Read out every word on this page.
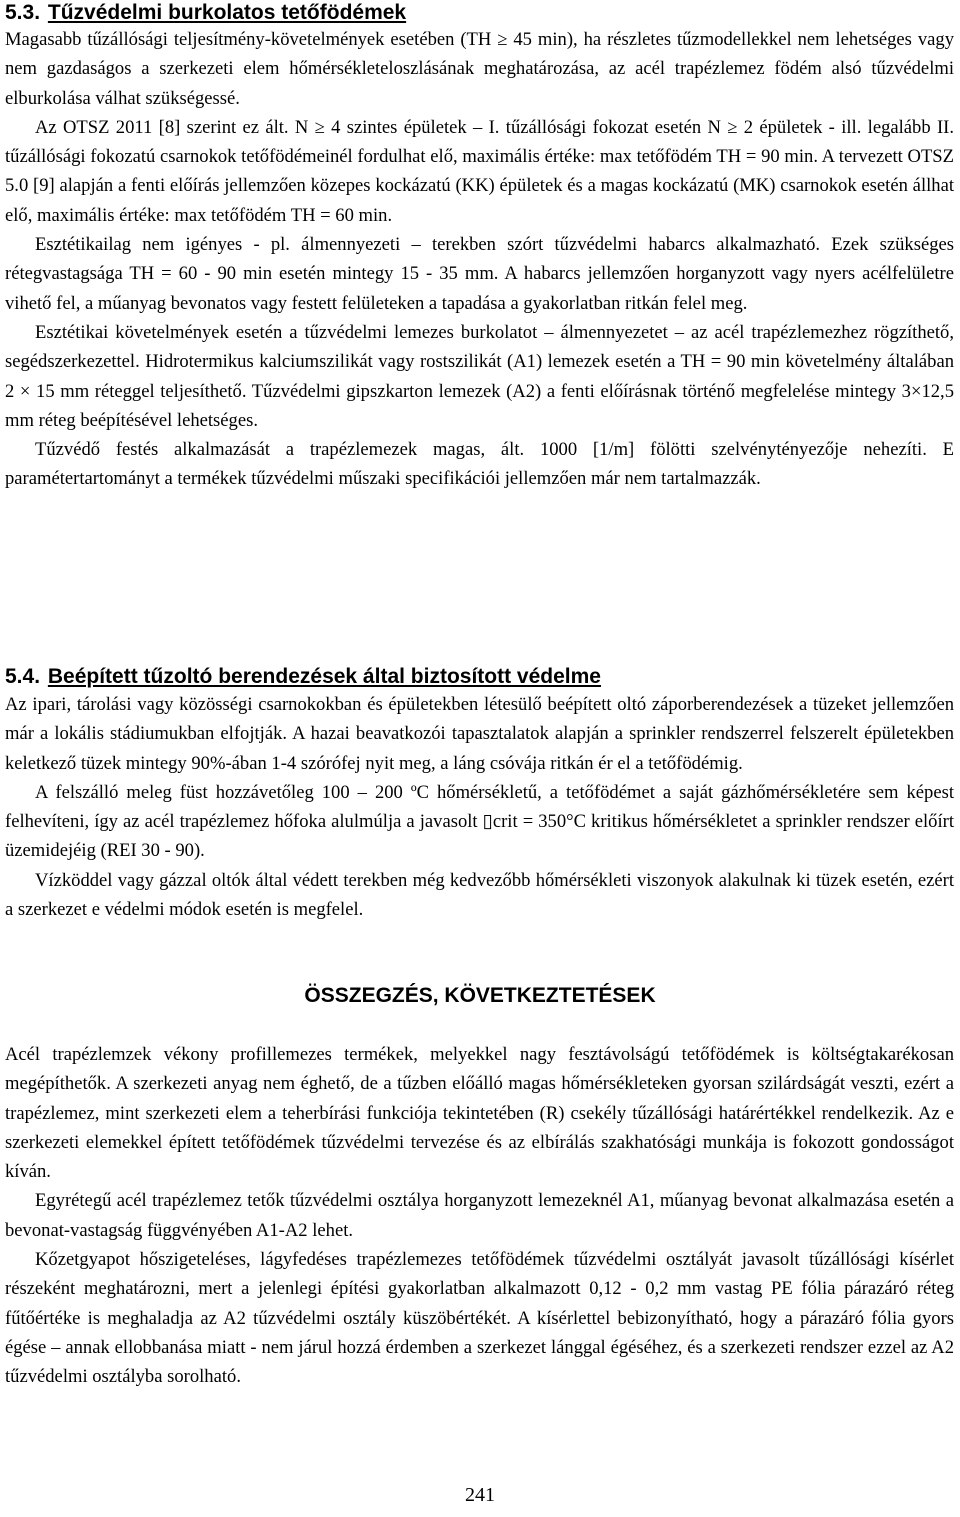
5.3. Tűzvédelmi burkolatos tetőfödémek

Magasabb tűzállósági teljesítmény-követelmények esetében (TH ≥ 45 min), ha részletes tűzmodellekkel nem lehetséges vagy nem gazdaságos a szerkezeti elem hőmérsékleteloszlásának meghatározása, az acél trapézlemez födém alsó tűzvédelmi elburkolása válhat szükségessé.

Az OTSZ 2011 [8] szerint ez ált. N ≥ 4 szintes épületek – I. tűzállósági fokozat esetén N ≥ 2 épületek - ill. legalább II. tűzállósági fokozatú csarnokok tetőfödémeinél fordulhat elő, maximális értéke: max tetőfödém TH = 90 min. A tervezett OTSZ 5.0 [9] alapján a fenti előírás jellemzően közepes kockázatú (KK) épületek és a magas kockázatú (MK) csarnokok esetén állhat elő, maximális értéke: max tetőfödém TH = 60 min.

Esztétikailag nem igényes - pl. álmennyezeti – terekben szórt tűzvédelmi habarcs alkalmazható. Ezek szükséges rétegvastagsága TH = 60 - 90 min esetén mintegy 15 - 35 mm. A habarcs jellemzően horganyzott vagy nyers acélfelületre vihető fel, a műanyag bevonatos vagy festett felületeken a tapadása a gyakorlatban ritkán felel meg.

Esztétikai követelmények esetén a tűzvédelmi lemezes burkolatot – álmennyezetet – az acél trapézlemezhez rögzíthető, segédszerkezettel. Hidrotermikus kalciumszilikát vagy rostszilikát (A1) lemezek esetén a TH = 90 min követelmény általában 2 × 15 mm réteggel teljesíthető. Tűzvédelmi gipszkarton lemezek (A2) a fenti előírásnak történő megfelelése mintegy 3×12,5 mm réteg beépítésével lehetséges.

Tűzvédő festés alkalmazását a trapézlemezek magas, ált. 1000 [1/m] fölötti szelvénytényezője nehezíti. E paramétertartományt a termékek tűzvédelmi műszaki specifikációi jellemzően már nem tartalmazzák.

5.4. Beépített tűzoltó berendezések által biztosított védelme

Az ipari, tárolási vagy közösségi csarnokokban és épületekben létesülő beépített oltó záporberendezések a tüzeket jellemzően már a lokális stádiumukban elfojtják. A hazai beavatkozói tapasztalatok alapján a sprinkler rendszerrel felszerelt épületekben keletkező tüzek mintegy 90%-ában 1-4 szórófej nyit meg, a láng csóvája ritkán ér el a tetőfödémig.

A felszálló meleg füst hozzávetőleg 100 – 200 ºC hőmérsékletű, a tetőfödémet a saját gázhőmérsékletére sem képest felhevíteni, így az acél trapézlemez hőfoka alulmúlja a javasolt ▯crit = 350°C kritikus hőmérsékletet a sprinkler rendszer előírt üzemidejéig (REI 30 - 90).

Vízköddel vagy gázzal oltók által védett terekben még kedvezőbb hőmérsékleti viszonyok alakulnak ki tüzek esetén, ezért a szerkezet e védelmi módok esetén is megfelel.

ÖSSZEGZÉS, KÖVETKEZTETÉSEK

Acél trapézlemzek vékony profillemezes termékek, melyekkel nagy fesztávolságú tetőfödémek is költségtakarékosan megépíthetők. A szerkezeti anyag nem éghető, de a tűzben előálló magas hőmérsékleteken gyorsan szilárdságát veszti, ezért a trapézlemez, mint szerkezeti elem a teherbírási funkciója tekintetében (R) csekély tűzállósági határértékkel rendelkezik. Az e szerkezeti elemekkel épített tetőfödémek tűzvédelmi tervezése és az elbírálás szakhatósági munkája is fokozott gondosságot kíván.

Egyrétegű acél trapézlemez tetők tűzvédelmi osztálya horganyzott lemezeknél A1, műanyag bevonat alkalmazása esetén a bevonat-vastagság függvényében A1-A2 lehet.

Kőzetgyapot hőszigeteléses, lágyfedéses trapézlemezes tetőfödémek tűzvédelmi osztályát javasolt tűzállósági kísérlet részeként meghatározni, mert a jelenlegi építési gyakorlatban alkalmazott 0,12 - 0,2 mm vastag PE fólia párazáró réteg fűtőértéke is meghaladja az A2 tűzvédelmi osztály küszöbértékét. A kísérlettel bebizonyítható, hogy a párazáró fólia gyors égése – annak ellobbanása miatt - nem járul hozzá érdemben a szerkezet lánggal égéséhez, és a szerkezeti rendszer ezzel az A2 tűzvédelmi osztályba sorolható.

241
